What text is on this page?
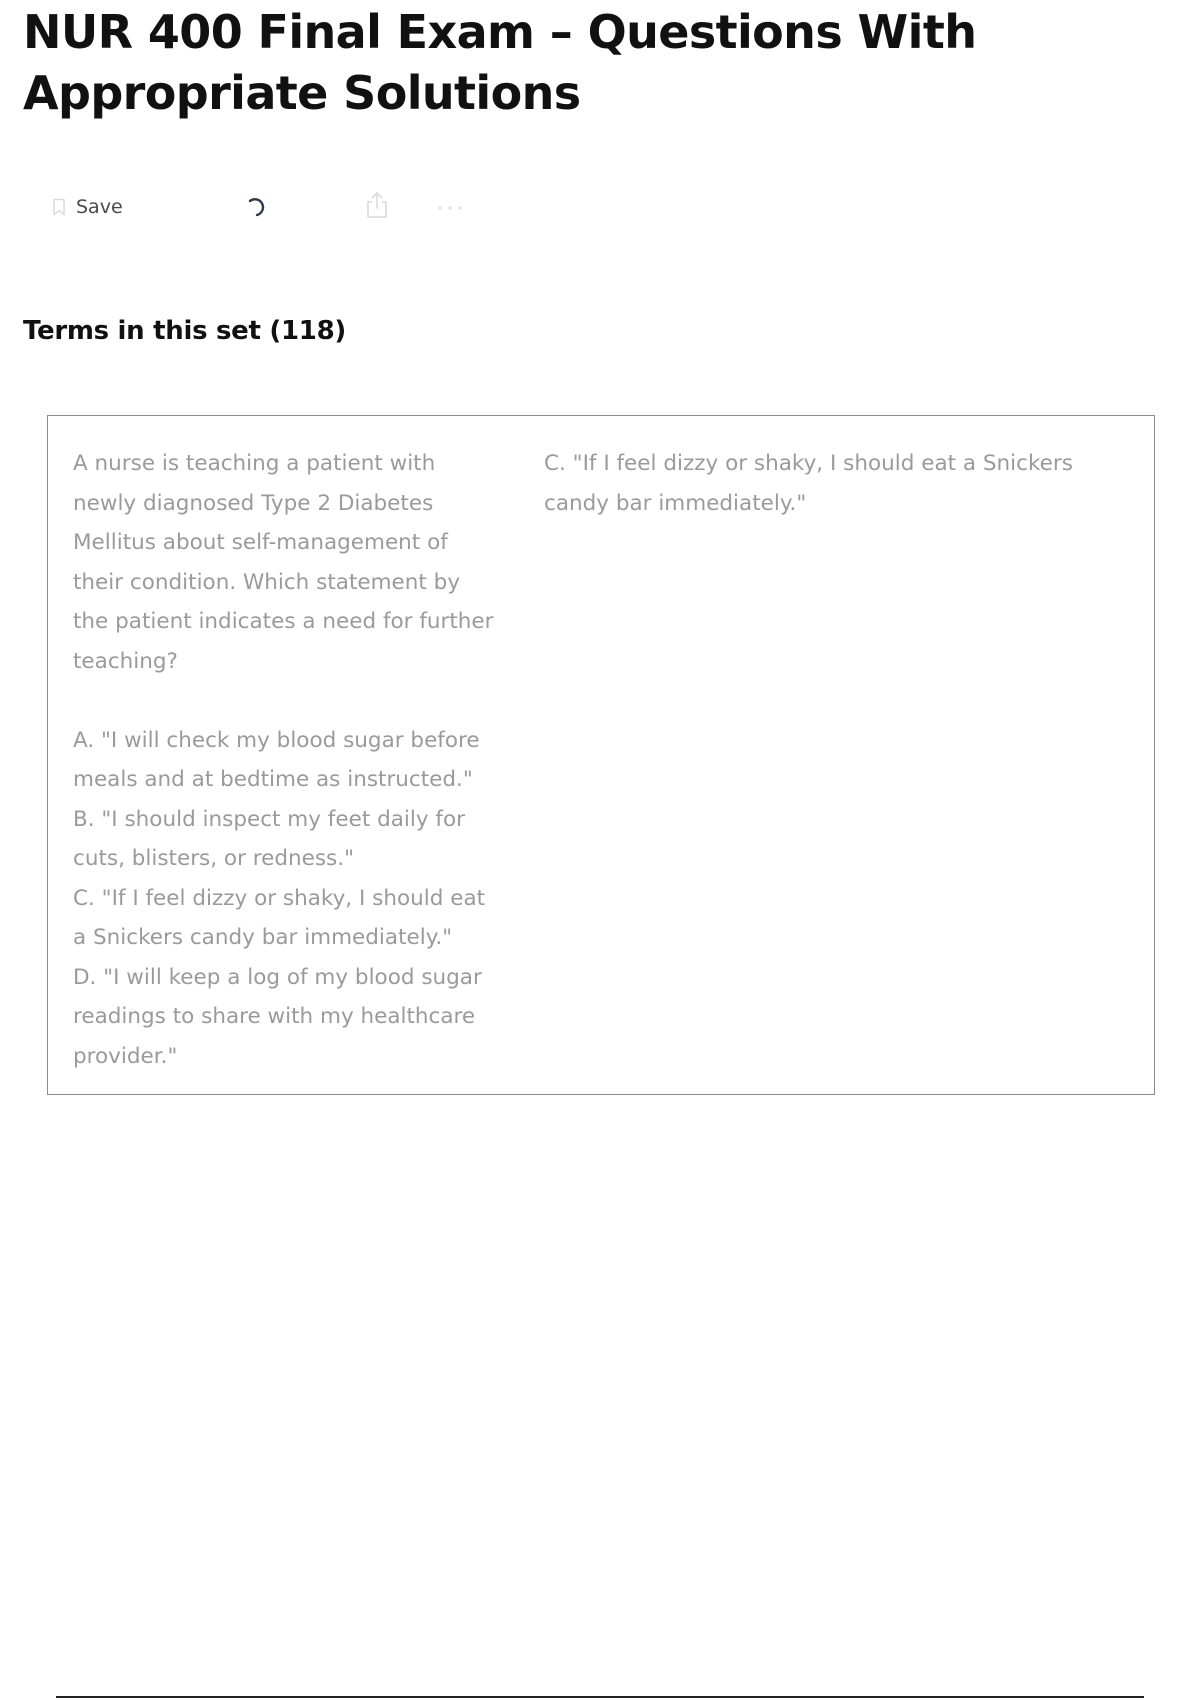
NUR 400 Final Exam – Questions With Appropriate Solutions
Save
Terms in this set (118)
A nurse is teaching a patient with
newly diagnosed Type 2 Diabetes
Mellitus about self-management of
their condition. Which statement by
the patient indicates a need for further
teaching?

A. "I will check my blood sugar before
meals and at bedtime as instructed."
B. "I should inspect my feet daily for
cuts, blisters, or redness."
C. "If I feel dizzy or shaky, I should eat
a Snickers candy bar immediately."
D. "I will keep a log of my blood sugar
readings to share with my healthcare
provider."
C. "If I feel dizzy or shaky, I should eat a Snickers
candy bar immediately."
